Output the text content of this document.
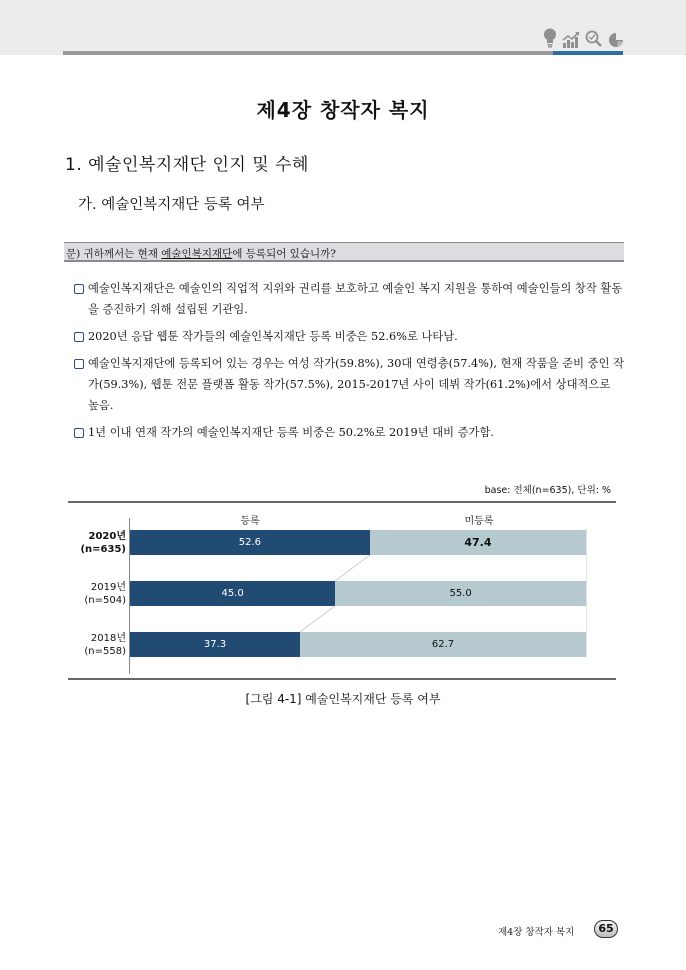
제4장 창작자 복지
1. 예술인복지재단 인지 및 수혜
가. 예술인복지재단 등록 여부
문) 귀하께서는 현재 예술인복지재단에 등록되어 있습니까?
예술인복지재단은 예술인의 직업적 지위와 권리를 보호하고 예술인 복지 지원을 통하여 예술인들의 창작 활동을 증진하기 위해 설립된 기관임.
2020년 응답 웹툰 작가들의 예술인복지재단 등록 비중은 52.6%로 나타남.
예술인복지재단에 등록되어 있는 경우는 여성 작가(59.8%), 30대 연령층(57.4%), 현재 작품을 준비 중인 작가(59.3%), 웹툰 전문 플랫폼 활동 작가(57.5%), 2015-2017년 사이 데뷔 작가(61.2%)에서 상대적으로 높음.
1년 이내 연재 작가의 예술인복지재단 등록 비중은 50.2%로 2019년 대비 증가함.
base: 전체(n=635), 단위: %
등록	미등록
2020년
(n=635)
52.6	47.4
2019년
(n=504)
45.0	55.0
2018년
(n=558)
37.3	62.7
[그림 4-1] 예술인복지재단 등록 여부
제4장 창작자 복지	65
